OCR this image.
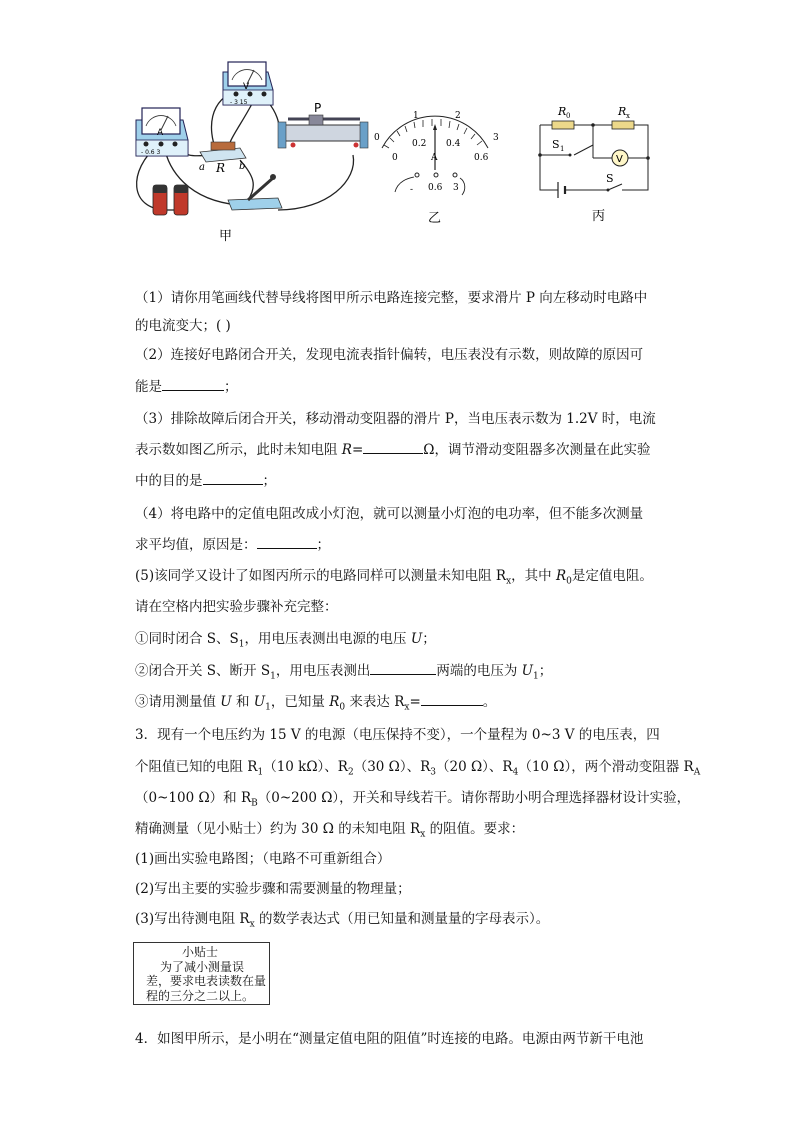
A
- 0.6 3
V
- 3 15
R
a	b
P
甲
0
1	2
3
0
0.2 0.4
0.6
A
- 0.6 3
乙
V
R 0	R x
S 1
S
丙
（1）请你用笔画线代替导线将图甲所示电路连接完整，要求滑片 P 向左移动时电路中
的电流变大；( )
（2）连接好电路闭合开关，发现电流表指针偏转，电压表没有示数，则故障的原因可
能是	；
（3）排除故障后闭合开关，移动滑动变阻器的滑片 P，当电压表示数为 1.2V 时，电流
表示数如图乙所示，此时未知电阻 R=	Ω，调节滑动变阻器多次测量在此实验
中的目的是	；
（4）将电路中的定值电阻改成小灯泡，就可以测量小灯泡的电功率，但不能多次测量
求平均值，原因是：	；
(5)该同学又设计了如图丙所示的电路同样可以测量未知电阻 $R_x$，其中 $R_0$是定值电阻。
请在空格内把实验步骤补充完整：
①同时闭合 S、$S_1$，用电压表测出电源的电压 U；
②闭合开关 S、断开 $S_1$，用电压表测出	两端的电压为 $U_1$；
③请用测量值 U 和 $U_1$，已知量 $R_0$ 来表达 $R_x=$	。
3．现有一个电压约为 15 V 的电源（电压保持不变），一个量程为 0~3 V 的电压表，四
个阻值已知的电阻 $R_1(10$ kΩ）、$R_2(30$ Ω）、$R_3(20$ Ω）、$R_4(10$ Ω），两个滑动变阻器 $R_A$
（0~100 Ω）和 $R_B(0\sim 200$ Ω），开关和导线若干。请你帮助小明合理选择器材设计实验，
精确测量（见小贴士）约为 30 Ω 的未知电阻 $R_x$ 的阻值。要求：
(1)画出实验电路图；（电路不可重新组合）
(2)写出主要的实验步骤和需要测量的物理量；
(3)写出待测电阻 $R_x$ 的数学表达式（用已知量和测量量的字母表示）。
小贴士
为了减小测量误
差，要求电表读数在量
程的三分之二以上。
4．如图甲所示，是小明在“测量定值电阻的阻值”时连接的电路。电源由两节新干电池
